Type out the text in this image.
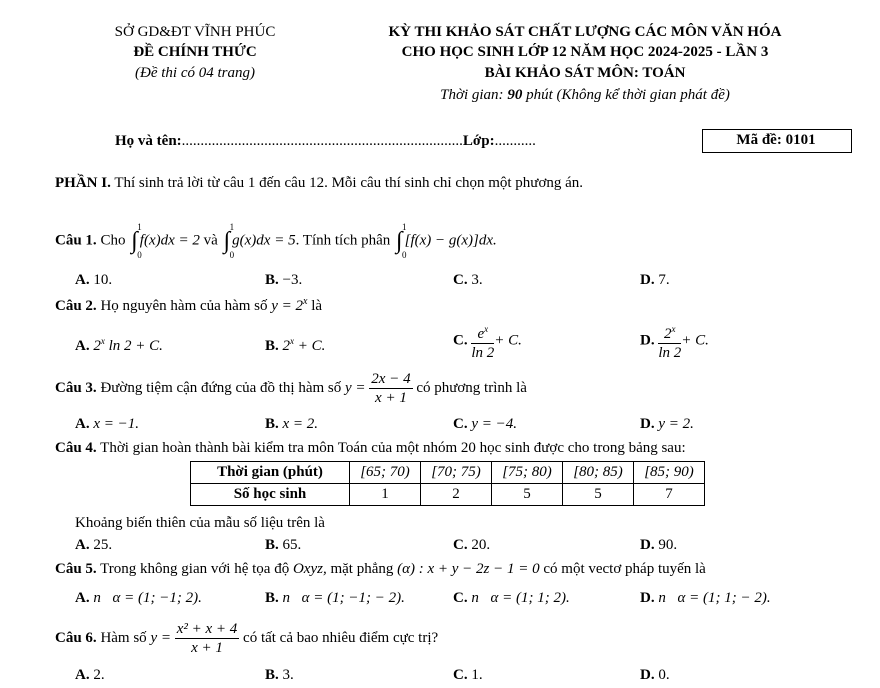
SỞ GD&ĐT VĨNH PHÚC
ĐỀ CHÍNH THỨC
(Đề thi có 04 trang)
KỲ THI KHẢO SÁT CHẤT LƯỢNG CÁC MÔN VĂN HÓA
CHO HỌC SINH LỚP 12 NĂM HỌC 2024-2025 - LẦN 3
BÀI KHẢO SÁT MÔN: TOÁN
Thời gian: 90 phút (Không kể thời gian phát đề)
Họ và tên:...........................................................................Lớp:...........	Mã đề: 0101
PHẦN I. Thí sinh trả lời từ câu 1 đến câu 12. Mỗi câu thí sinh chỉ chọn một phương án.
Câu 1. Cho ∫
1
0
f(x)dx = 2 và ∫
1
0
g(x)dx = 5. Tính tích phân ∫
1
0
[f(x) − g(x)]dx.
A. 10.	B. −3.	C. 3.	D. 7.
Câu 2. Họ nguyên hàm của hàm số $y = 2^x$ là
A. 2$^x$ ln 2 + C.	B. $2^x + C$.	C. $\frac{e^x}{\ln 2} + C$.	D. $\frac{2^x}{\ln 2} + C$.
Câu 3. Đường tiệm cận đứng của đồ thị hàm số $y = \frac{2x - 4}{x + 1}$ có phương trình là
A. x = −1.	B. x = 2.	C. y = −4.	D. y = 2.
Câu 4. Thời gian hoàn thành bài kiểm tra môn Toán của một nhóm 20 học sinh được cho trong bảng sau:
Thời gian (phút)	[65; 70)	[70; 75)	[75; 80)	[80; 85)	[85; 90)
Số học sinh	1	2	5	5	7
Khoảng biến thiên của mẫu số liệu trên là
A. 25.	B. 65.	C. 20.	D. 90.
Câu 5. Trong không gian với hệ tọa độ Oxyz, mặt phẳng (α) : x + y − 2z − 1 = 0 có một vectơ pháp tuyến là
A. n⃗α = (1; −1; 2).	B. n⃗α = (1; −1; − 2).	C. n⃗α = (1; 1; 2).	D. n⃗α = (1; 1; − 2).
Câu 6. Hàm số $y = \frac{\text{x² + x + 4}}{x + 1}$ có tất cả bao nhiêu điểm cực trị?
A. 2.	B. 3.	C. 1.	D. 0.
